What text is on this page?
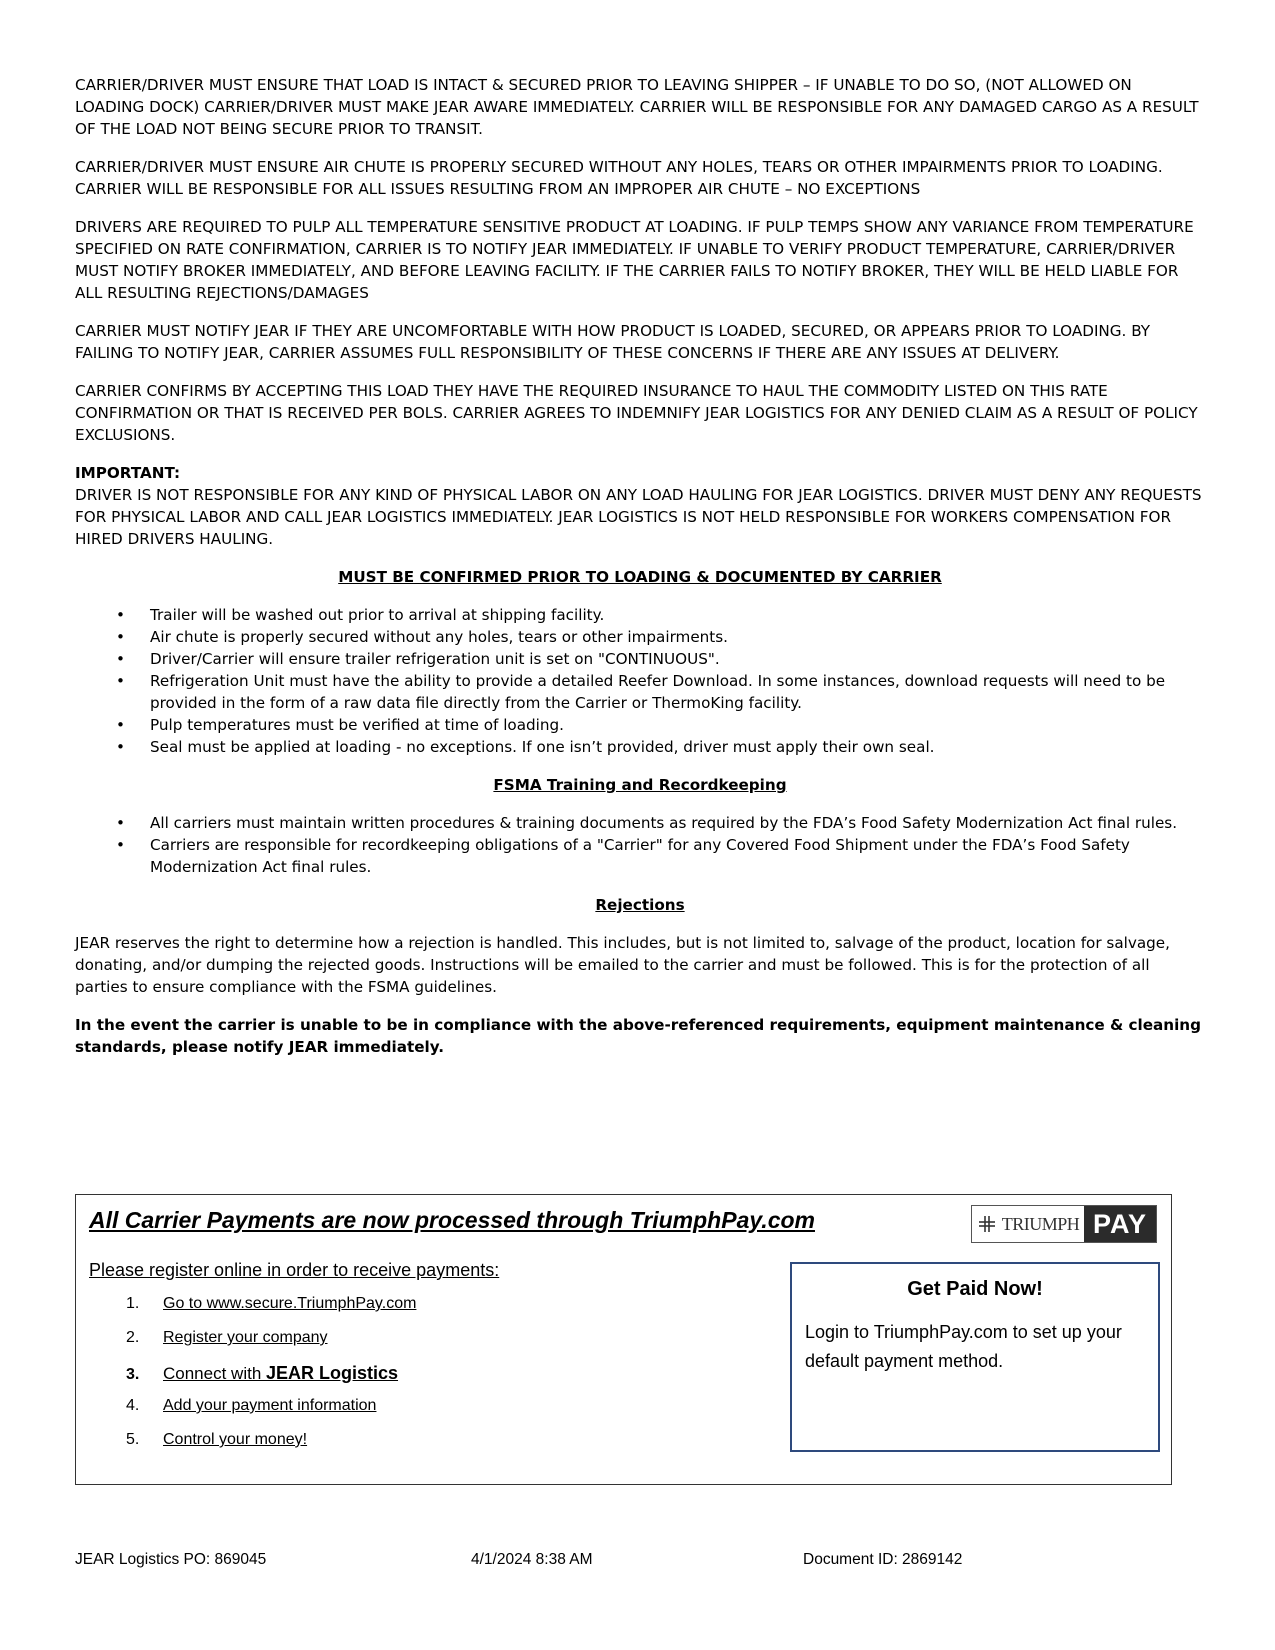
CARRIER/DRIVER MUST ENSURE THAT LOAD IS INTACT & SECURED PRIOR TO LEAVING SHIPPER – IF UNABLE TO DO SO, (NOT ALLOWED ON LOADING DOCK) CARRIER/DRIVER MUST MAKE JEAR AWARE IMMEDIATELY. CARRIER WILL BE RESPONSIBLE FOR ANY DAMAGED CARGO AS A RESULT OF THE LOAD NOT BEING SECURE PRIOR TO TRANSIT.

CARRIER/DRIVER MUST ENSURE AIR CHUTE IS PROPERLY SECURED WITHOUT ANY HOLES, TEARS OR OTHER IMPAIRMENTS PRIOR TO LOADING. CARRIER WILL BE RESPONSIBLE FOR ALL ISSUES RESULTING FROM AN IMPROPER AIR CHUTE – NO EXCEPTIONS

DRIVERS ARE REQUIRED TO PULP ALL TEMPERATURE SENSITIVE PRODUCT AT LOADING. IF PULP TEMPS SHOW ANY VARIANCE FROM TEMPERATURE SPECIFIED ON RATE CONFIRMATION, CARRIER IS TO NOTIFY JEAR IMMEDIATELY. IF UNABLE TO VERIFY PRODUCT TEMPERATURE, CARRIER/DRIVER MUST NOTIFY BROKER IMMEDIATELY, AND BEFORE LEAVING FACILITY. IF THE CARRIER FAILS TO NOTIFY BROKER, THEY WILL BE HELD LIABLE FOR ALL RESULTING REJECTIONS/DAMAGES

CARRIER MUST NOTIFY JEAR IF THEY ARE UNCOMFORTABLE WITH HOW PRODUCT IS LOADED, SECURED, OR APPEARS PRIOR TO LOADING. BY FAILING TO NOTIFY JEAR, CARRIER ASSUMES FULL RESPONSIBILITY OF THESE CONCERNS IF THERE ARE ANY ISSUES AT DELIVERY.

CARRIER CONFIRMS BY ACCEPTING THIS LOAD THEY HAVE THE REQUIRED INSURANCE TO HAUL THE COMMODITY LISTED ON THIS RATE CONFIRMATION OR THAT IS RECEIVED PER BOLS. CARRIER AGREES TO INDEMNIFY JEAR LOGISTICS FOR ANY DENIED CLAIM AS A RESULT OF POLICY EXCLUSIONS.

IMPORTANT:

DRIVER IS NOT RESPONSIBLE FOR ANY KIND OF PHYSICAL LABOR ON ANY LOAD HAULING FOR JEAR LOGISTICS. DRIVER MUST DENY ANY REQUESTS FOR PHYSICAL LABOR AND CALL JEAR LOGISTICS IMMEDIATELY. JEAR LOGISTICS IS NOT HELD RESPONSIBLE FOR WORKERS COMPENSATION FOR HIRED DRIVERS HAULING.

MUST BE CONFIRMED PRIOR TO LOADING & DOCUMENTED BY CARRIER
• Trailer will be washed out prior to arrival at shipping facility.
• Air chute is properly secured without any holes, tears or other impairments.
• Driver/Carrier will ensure trailer refrigeration unit is set on "CONTINUOUS".
• Refrigeration Unit must have the ability to provide a detailed Reefer Download. In some instances, download requests will need to be provided in the form of a raw data file directly from the Carrier or ThermoKing facility.
• Pulp temperatures must be verified at time of loading.
• Seal must be applied at loading - no exceptions. If one isn’t provided, driver must apply their own seal.
FSMA Training and Recordkeeping
• All carriers must maintain written procedures & training documents as required by the FDA’s Food Safety Modernization Act final rules.
• Carriers are responsible for recordkeeping obligations of a "Carrier" for any Covered Food Shipment under the FDA’s Food Safety Modernization Act final rules.
Rejections

JEAR reserves the right to determine how a rejection is handled. This includes, but is not limited to, salvage of the product, location for salvage, donating, and/or dumping the rejected goods. Instructions will be emailed to the carrier and must be followed. This is for the protection of all parties to ensure compliance with the FSMA guidelines.

In the event the carrier is unable to be in compliance with the above-referenced requirements, equipment maintenance & cleaning standards, please notify JEAR immediately.

All Carrier Payments are now processed through TriumphPay.com	TRIUMPH PAY
Please register online in order to receive payments:
1. Go to www.secure.TriumphPay.com
2. Register your company
3. Connect with JEAR Logistics
4. Add your payment information
5. Control your money!
Get Paid Now!
Login to TriumphPay.com to set up your default payment method.
JEAR Logistics PO: 869045	4/1/2024 8:38 AM	Document ID: 2869142
